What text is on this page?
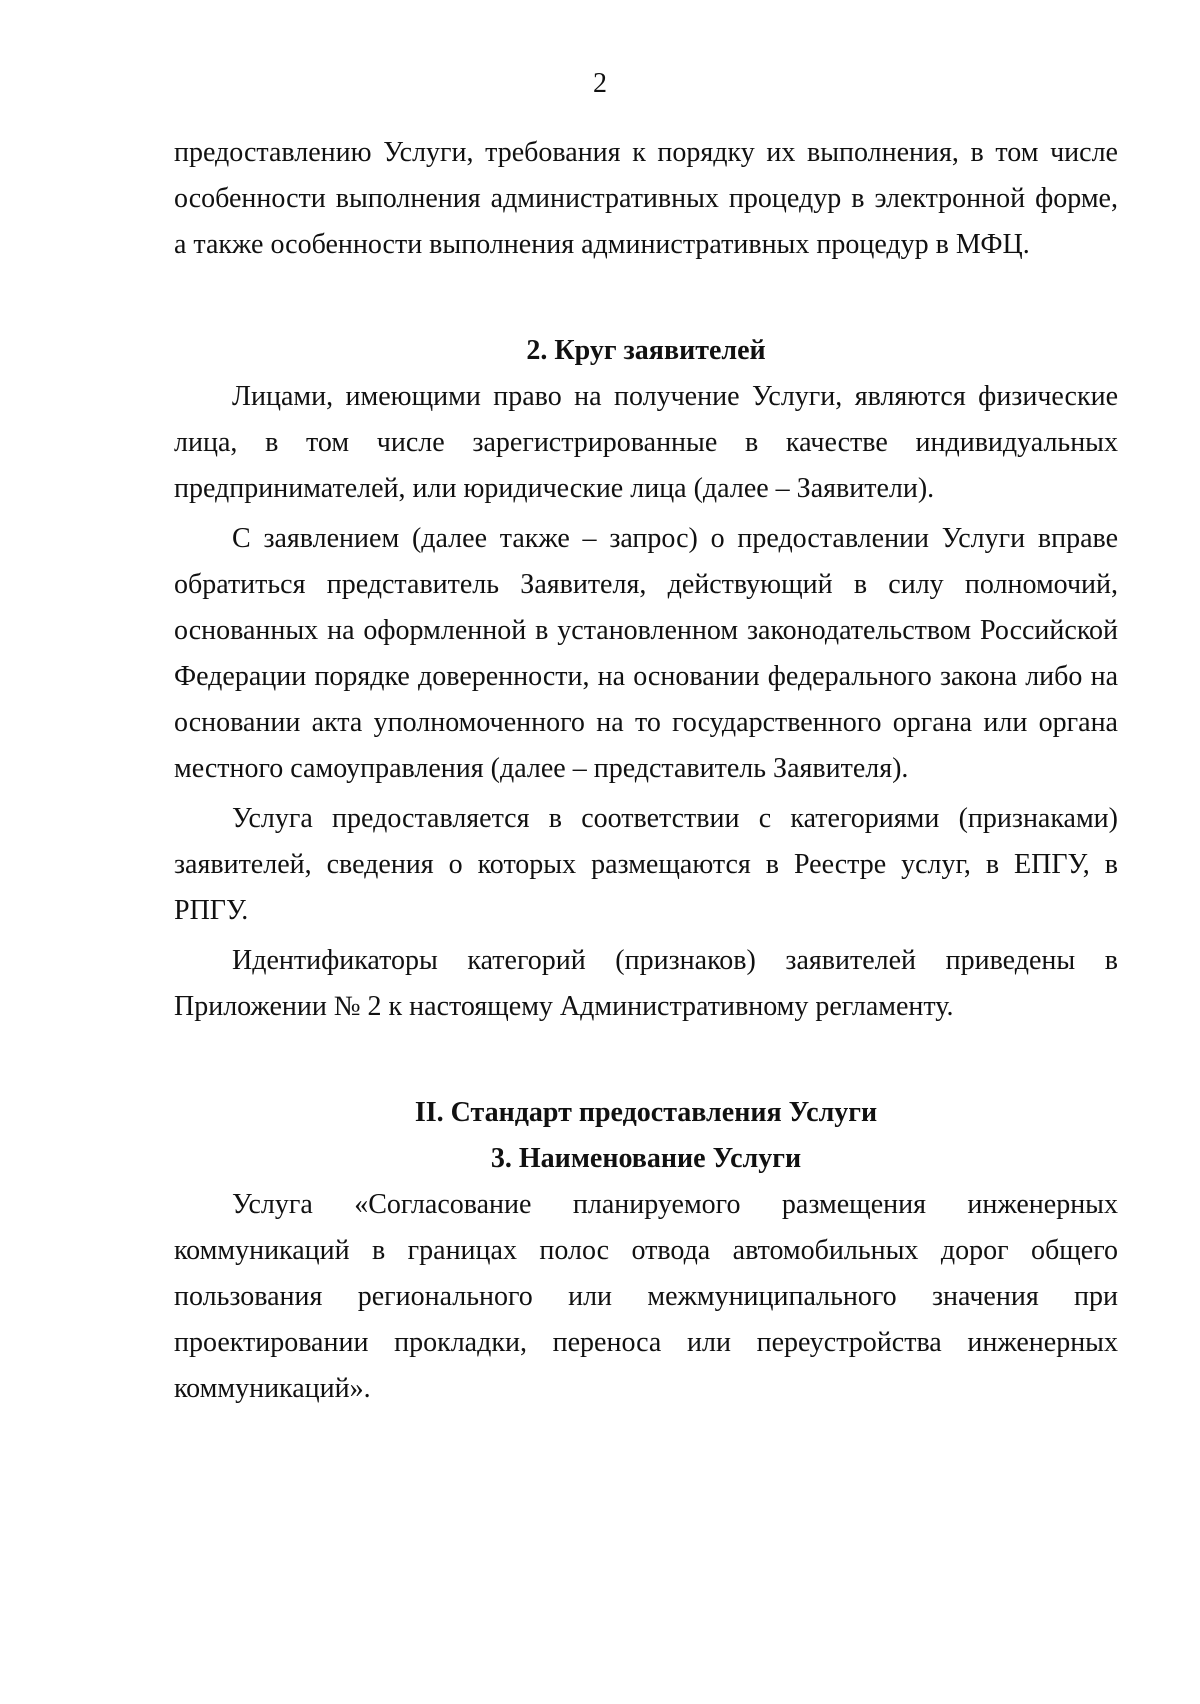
2

предоставлению Услуги, требования к порядку их выполнения, в том числе особенности выполнения административных процедур в электронной форме, а также особенности выполнения административных процедур в МФЦ.

2. Круг заявителей

Лицами, имеющими право на получение Услуги, являются физические лица, в том числе зарегистрированные в качестве индивидуальных предпринимателей, или юридические лица (далее – Заявители).

С заявлением (далее также – запрос) о предоставлении Услуги вправе обратиться представитель Заявителя, действующий в силу полномочий, основанных на оформленной в установленном законодательством Российской Федерации порядке доверенности, на основании федерального закона либо на основании акта уполномоченного на то государственного органа или органа местного самоуправления (далее – представитель Заявителя).

Услуга предоставляется в соответствии с категориями (признаками) заявителей, сведения о которых размещаются в Реестре услуг, в ЕПГУ, в РПГУ.

Идентификаторы категорий (признаков) заявителей приведены в Приложении № 2 к настоящему Административному регламенту.

II. Стандарт предоставления Услуги
3. Наименование Услуги

Услуга «Согласование планируемого размещения инженерных коммуникаций в границах полос отвода автомобильных дорог общего пользования регионального или межмуниципального значения при проектировании прокладки, переноса или переустройства инженерных коммуникаций».
